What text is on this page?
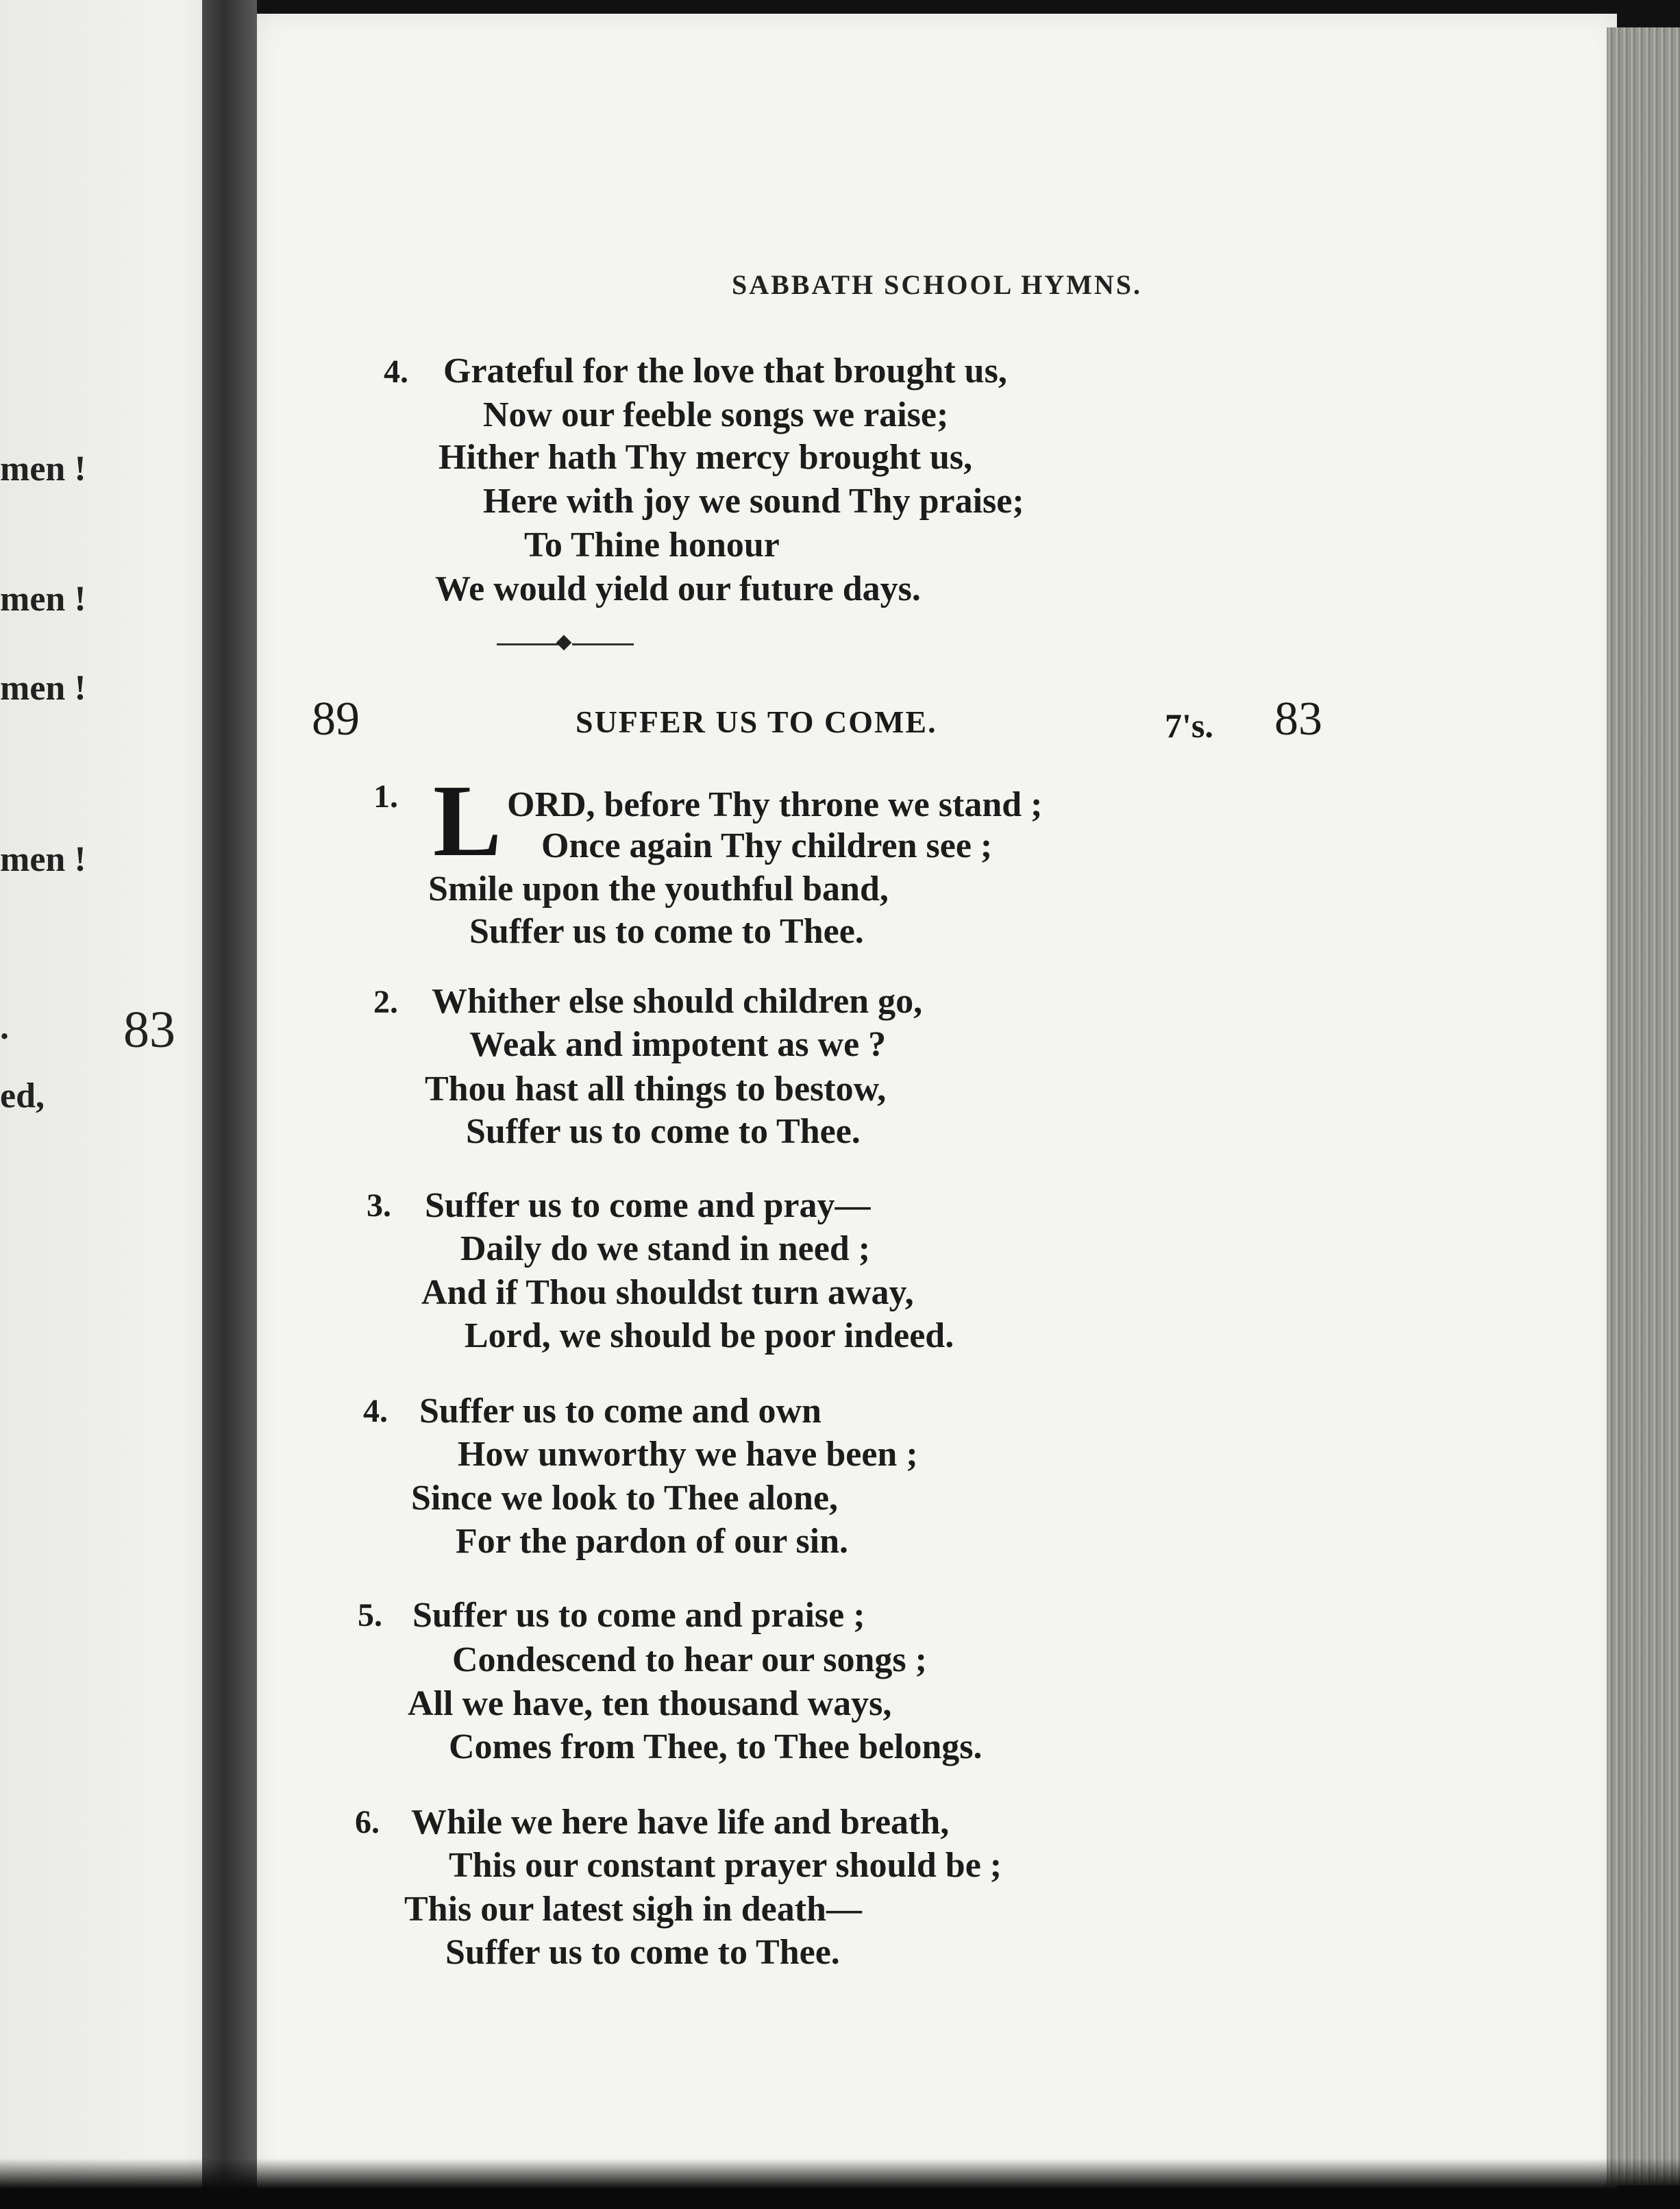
men !
men !
men !
men !
.
ed,
83
SABBATH SCHOOL HYMNS.
4. Grateful for the love that brought us,
Now our feeble songs we raise;
Hither hath Thy mercy brought us,
Here with joy we sound Thy praise;
To Thine honour
We would yield our future days.
89	SUFFER US TO COME.	7's. 83
1. L ORD, before Thy throne we stand ;
Once again Thy children see ;
Smile upon the youthful band,
Suffer us to come to Thee.
2. Whither else should children go,
Weak and impotent as we ?
Thou hast all things to bestow,
Suffer us to come to Thee.
3. Suffer us to come and pray—
Daily do we stand in need ;
And if Thou shouldst turn away,
Lord, we should be poor indeed.
4. Suffer us to come and own
How unworthy we have been ;
Since we look to Thee alone,
For the pardon of our sin.
5. Suffer us to come and praise ;
Condescend to hear our songs ;
All we have, ten thousand ways,
Comes from Thee, to Thee belongs.
6. While we here have life and breath,
This our constant prayer should be ;
This our latest sigh in death—
Suffer us to come to Thee.
